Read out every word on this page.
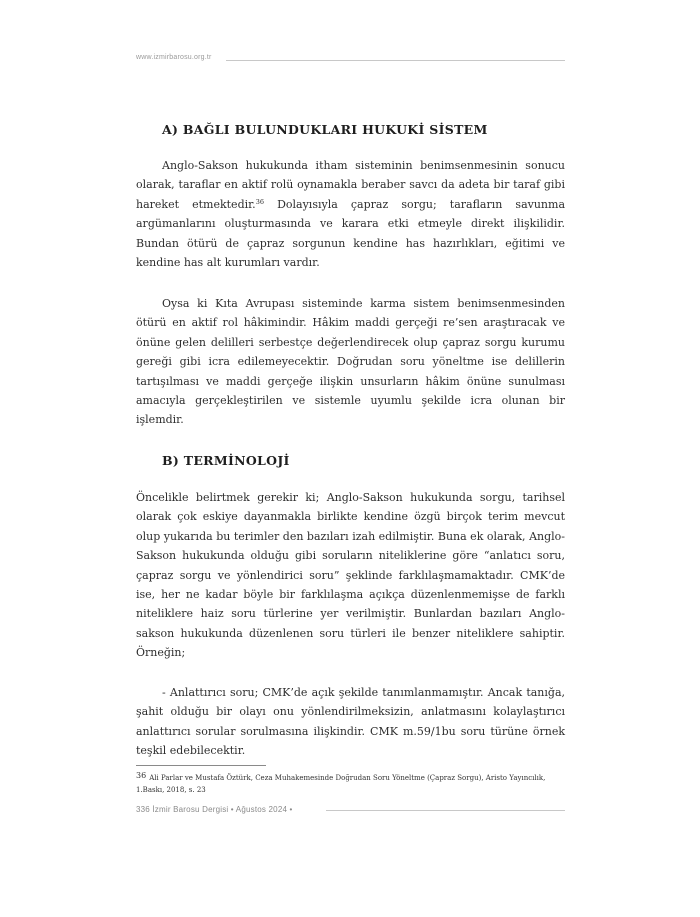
www.izmirbarosu.org.tr
A) BAĞLI BULUNDUKLARI HUKUKİ SİSTEM

Anglo-Sakson hukukunda itham sisteminin benimsenmesinin sonucu olarak, taraflar en aktif rolü oynamakla beraber savcı da adeta bir taraf gibi hareket etmektedir.$^{36}$ Dolayısıyla çapraz sorgu; tarafların savunma argümanlarını oluşturmasında ve karara etki etmeyle direkt ilişkilidir. Bundan ötürü de çapraz sorgunun kendine has hazırlıkları, eğitimi ve kendine has alt kurumları vardır.

Oysa ki Kıta Avrupası sisteminde karma sistem benimsenmesinden ötürü en aktif rol hâkimindir. Hâkim maddi gerçeği re’sen araştıracak ve önüne gelen delilleri serbestçe değerlendirecek olup çapraz sorgu kurumu gereği gibi icra edilemeyecektir. Doğrudan soru yöneltme ise delillerin tartışılması ve maddi gerçeğe ilişkin unsurların hâkim önüne sunulması amacıyla gerçekleştirilen ve sistemle uyumlu şekilde icra olunan bir işlemdir.

B) TERMİNOLOJİ

Öncelikle belirtmek gerekir ki; Anglo-Sakson hukukunda sorgu, tarihsel olarak çok eskiye dayanmakla birlikte kendine özgü birçok terim mevcut olup yukarıda bu terimler den bazıları izah edilmiştir. Buna ek olarak, Anglo-Sakson hukukunda olduğu gibi soruların niteliklerine göre “anlatıcı soru, çapraz sorgu ve yönlendirici soru” şeklinde farklılaşmamaktadır. CMK’de ise, her ne kadar böyle bir farklılaşma açıkça düzenlenmemişse de farklı niteliklere haiz soru türlerine yer verilmiştir. Bunlardan bazıları Anglo-sakson hukukunda düzenlenen soru türleri ile benzer niteliklere sahiptir. Örneğin;

- Anlattırıcı soru; CMK’de açık şekilde tanımlanmamıştır. Ancak tanığa, şahit olduğu bir olayı onu yönlendirilmeksizin, anlatmasını kolaylaştırıcı anlattırıcı sorular sorulmasına ilişkindir. CMK m.59/1bu soru türüne örnek teşkil edebilecektir.

36 Ali Parlar ve Mustafa Öztürk, Ceza Muhakemesinde Doğrudan Soru Yöneltme (Çapraz Sorgu), Aristo Yayıncılık, 1.Baskı, 2018, s. 23
336 İzmir Barosu Dergisi • Ağustos 2024 •
